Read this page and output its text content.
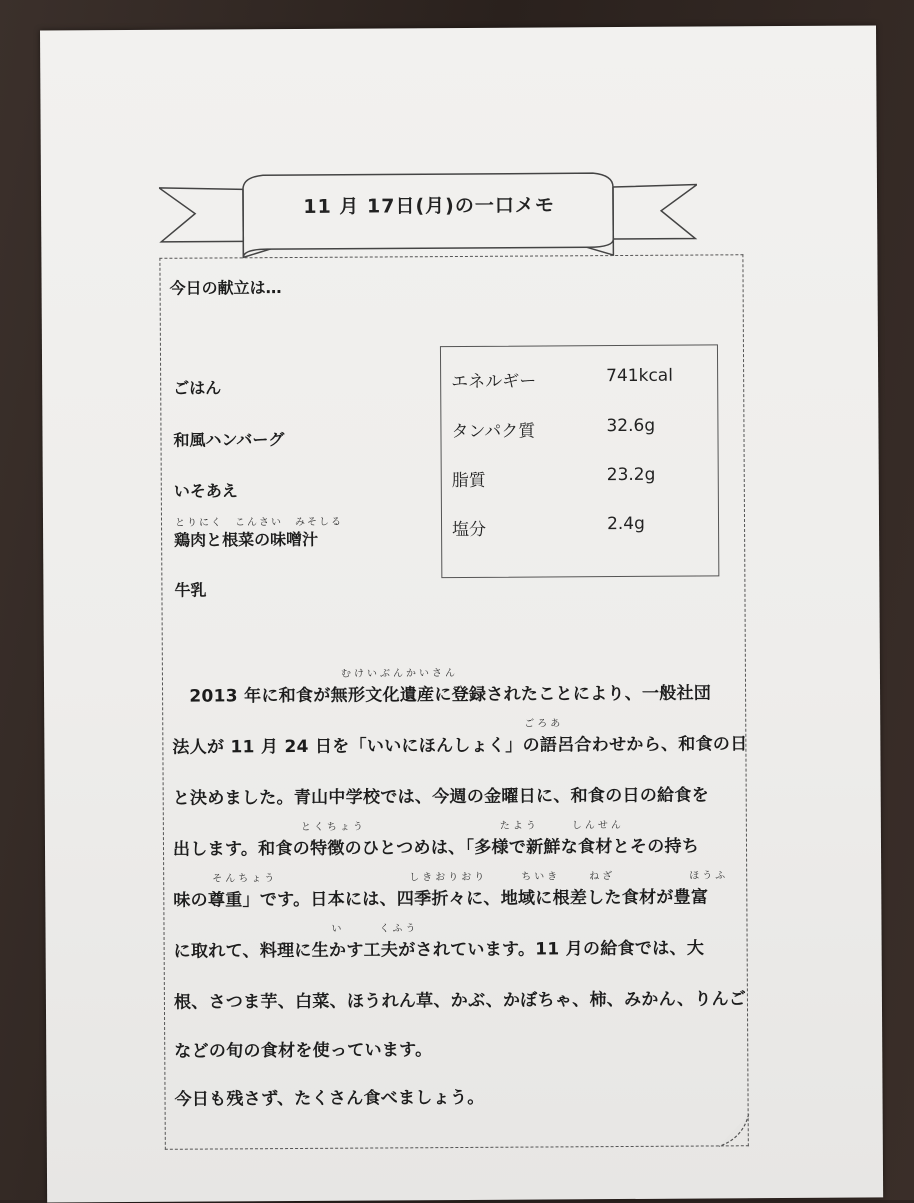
11 月 17日(月)の一口メモ
今日の献立は…
ごはん
和風ハンバーグ
いそあえ
とりにく　こんさい　みそしる
鶏肉と根菜の味噌汁
牛乳
エネルギー	741kcal
タンパク質	32.6g
脂質	23.2g
塩分	2.4g
むけいぶんかいさん
ごろあ
とくちょう	たよう	しんせん
そんちょう	しきおりおり	ちいき	ねざ	ほうふ
い	くふう
　2013 年に和食が無形文化遺産に登録されたことにより、一般社団
法人が 11 月 24 日を「いいにほんしょく」の語呂合わせから、和食の日
と決めました。青山中学校では、今週の金曜日に、和食の日の給食を
出します。和食の特徴のひとつめは、「多様で新鮮な食材とその持ち
味の尊重」です。日本には、四季折々に、地域に根差した食材が豊富
に取れて、料理に生かす工夫がされています。11 月の給食では、大
根、さつま芋、白菜、ほうれん草、かぶ、かぼちゃ、柿、みかん、りんご
などの旬の食材を使っています。
今日も残さず、たくさん食べましょう。
